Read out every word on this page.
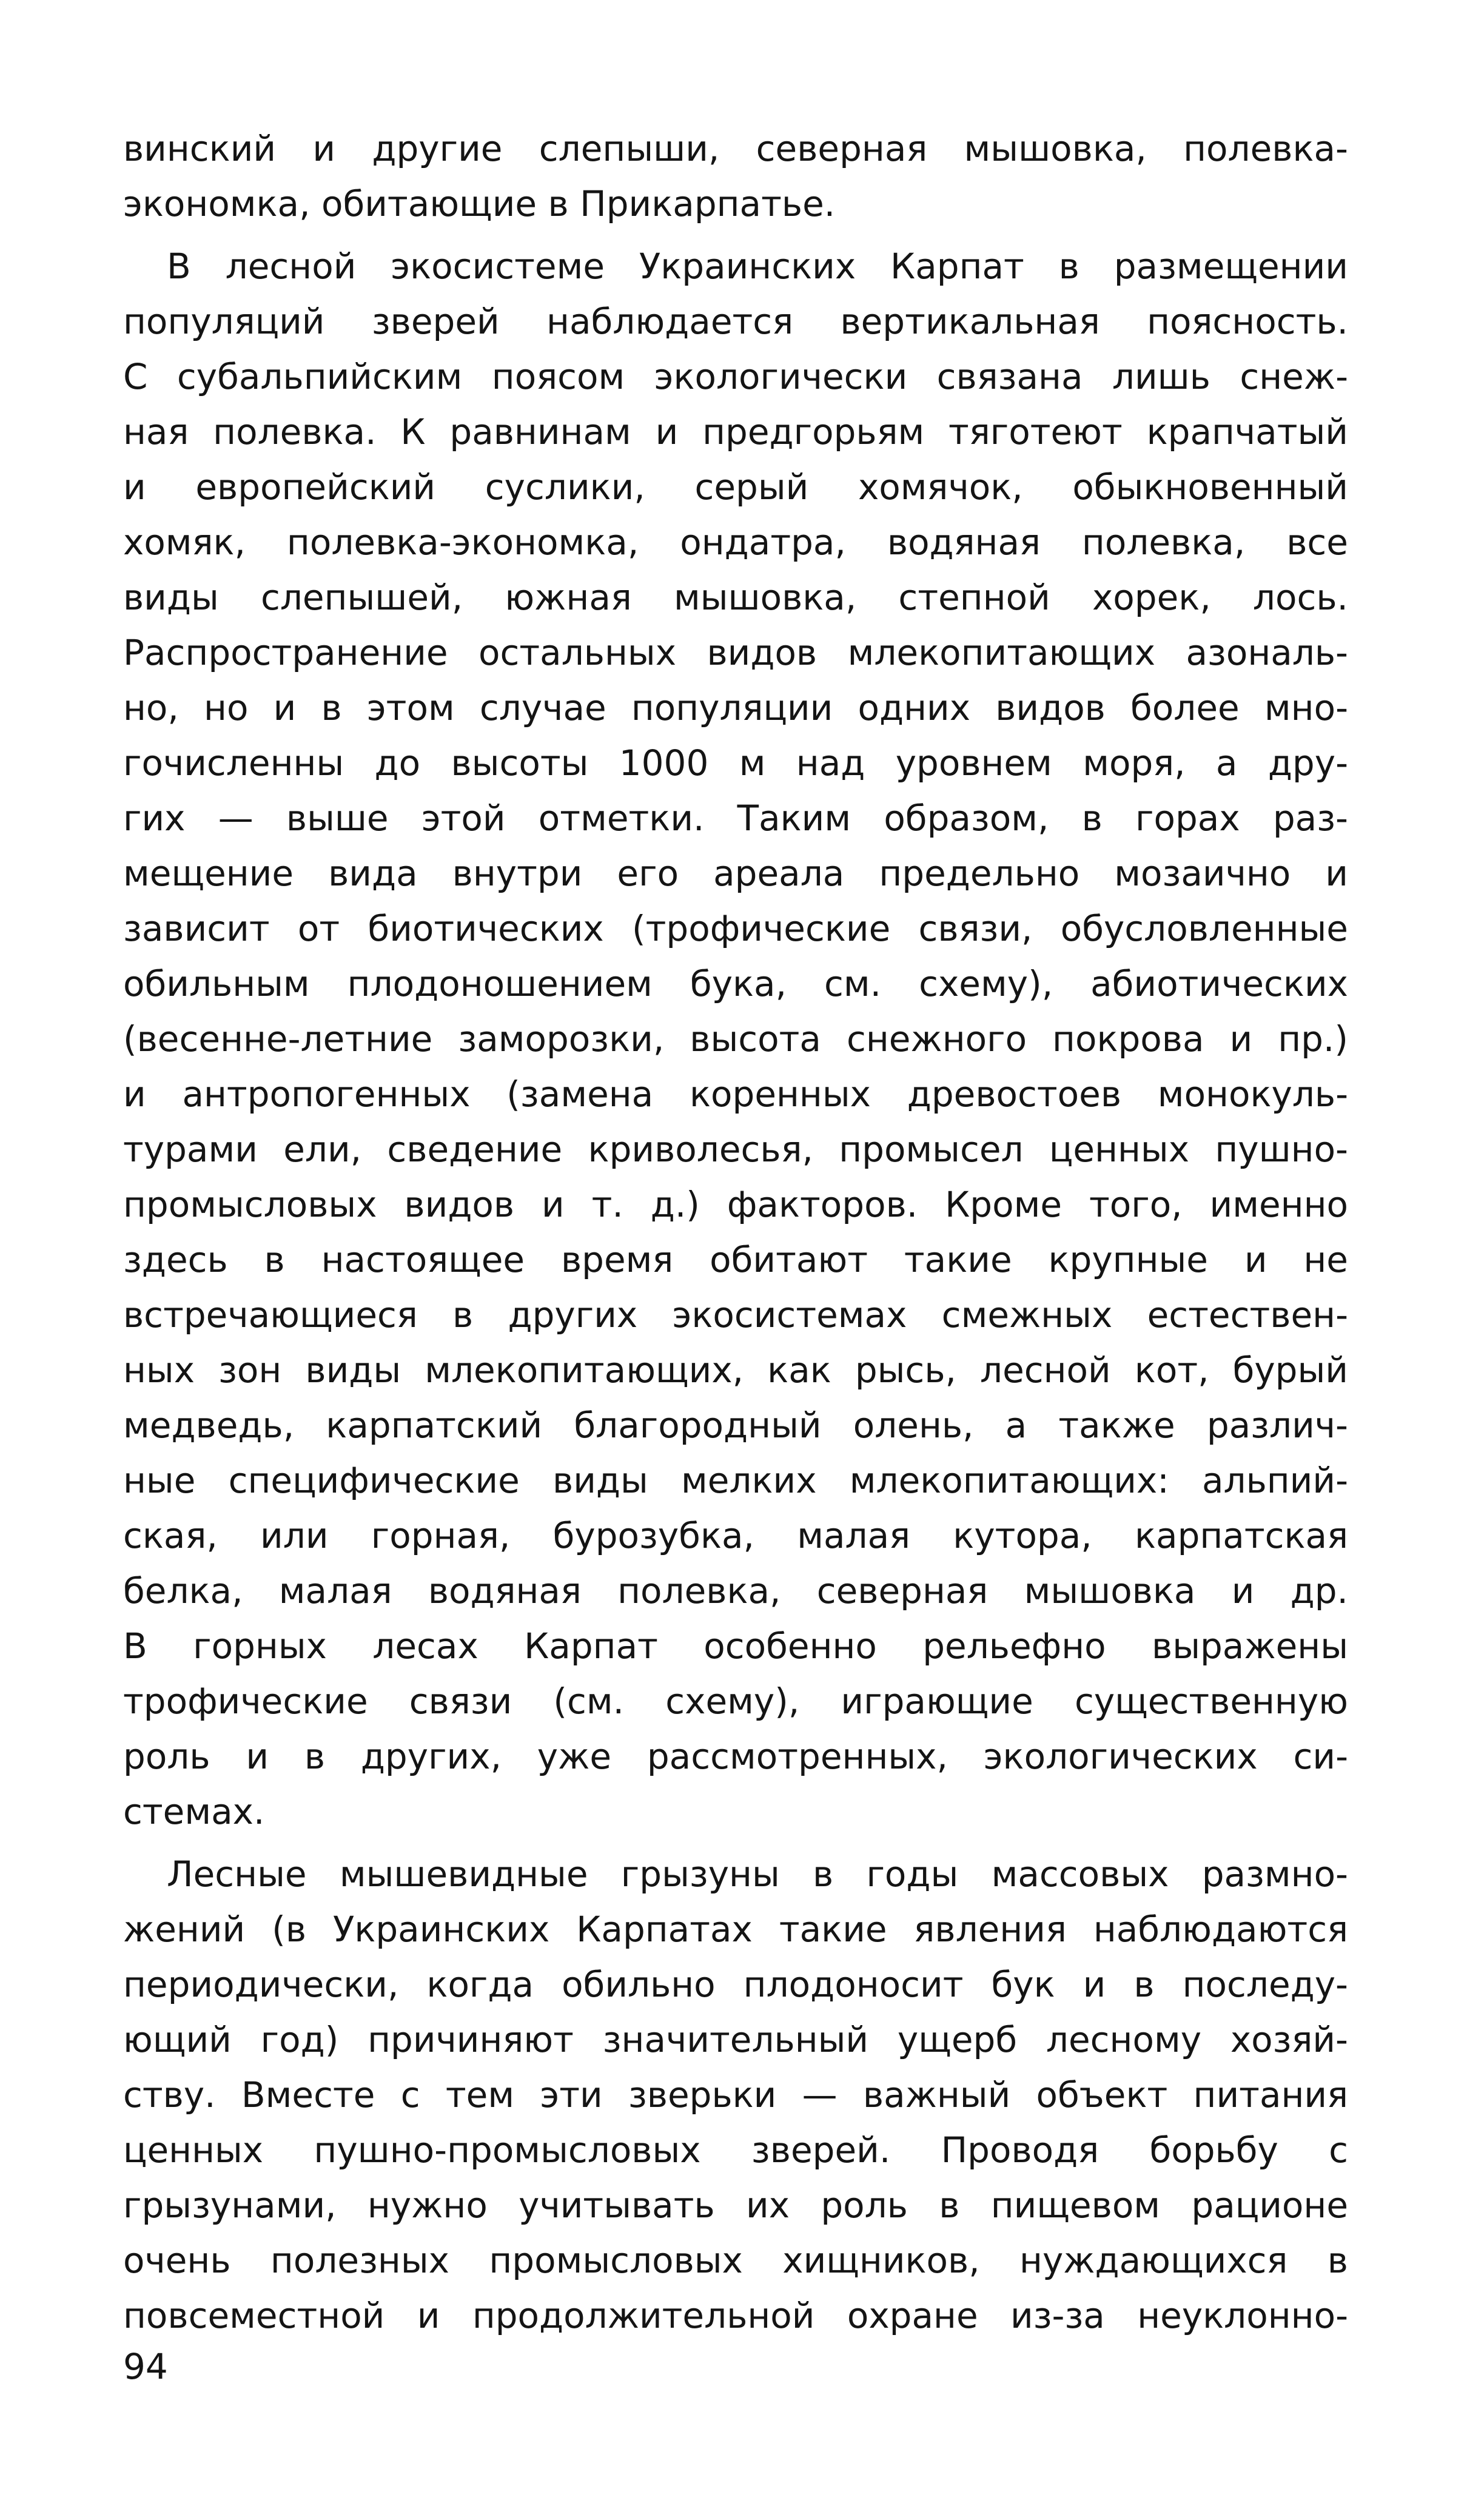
винский и другие слепыши, северная мышовка, полевка-
экономка, обитающие в Прикарпатье.

В лесной экосистеме Украинских Карпат в размещении
популяций зверей наблюдается вертикальная поясность.
С субальпийским поясом экологически связана лишь снеж-
ная полевка. К равнинам и предгорьям тяготеют крапчатый
и европейский суслики, серый хомячок, обыкновенный
хомяк, полевка-экономка, ондатра, водяная полевка, все
виды слепышей, южная мышовка, степной хорек, лось.
Распространение остальных видов млекопитающих азональ-
но, но и в этом случае популяции одних видов более мно-
гочисленны до высоты 1000 м над уровнем моря, а дру-
гих — выше этой отметки. Таким образом, в горах раз-
мещение вида внутри его ареала предельно мозаично и
зависит от биотических (трофические связи, обусловленные
обильным плодоношением бука, см. схему), абиотических
(весенне-летние заморозки, высота снежного покрова и пр.)
и антропогенных (замена коренных древостоев монокуль-
турами ели, сведение криволесья, промысел ценных пушно-
промысловых видов и т. д.) факторов. Кроме того, именно
здесь в настоящее время обитают такие крупные и не
встречающиеся в других экосистемах смежных естествен-
ных зон виды млекопитающих, как рысь, лесной кот, бурый
медведь, карпатский благородный олень, а также различ-
ные специфические виды мелких млекопитающих: альпий-
ская, или горная, бурозубка, малая кутора, карпатская
белка, малая водяная полевка, северная мышовка и др.
В горных лесах Карпат особенно рельефно выражены
трофические связи (см. схему), играющие существенную
роль и в других, уже рассмотренных, экологических си-
стемах.

Лесные мышевидные грызуны в годы массовых размно-
жений (в Украинских Карпатах такие явления наблюдаются
периодически, когда обильно плодоносит бук и в последу-
ющий год) причиняют значительный ущерб лесному хозяй-
ству. Вместе с тем эти зверьки — важный объект питания
ценных пушно-промысловых зверей. Проводя борьбу с
грызунами, нужно учитывать их роль в пищевом рационе
очень полезных промысловых хищников, нуждающихся в
повсеместной и продолжительной охране из-за неуклонно-

94
